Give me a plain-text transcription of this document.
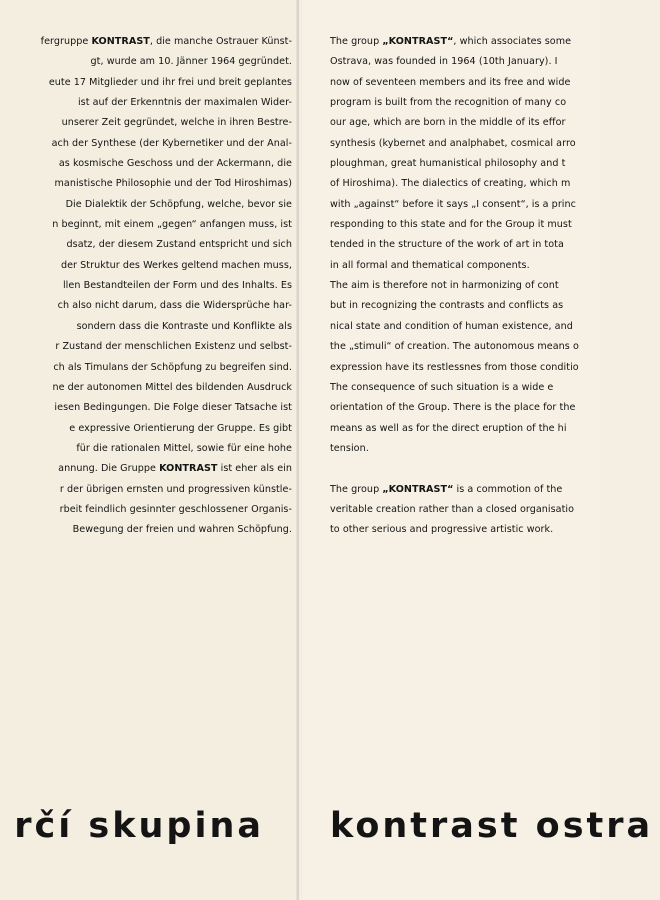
fergruppe KONTRAST, die manche Ostrauer Künst-
gt, wurde am 10. Jänner 1964 gegründet.
eute 17 Mitglieder und ihr frei und breit geplantes
ist auf der Erkenntnis der maximalen Wider-
unserer Zeit gegründet, welche in ihren Bestre-
ach der Synthese (der Kybernetiker und der Anal-
as kosmische Geschoss und der Ackermann, die
manistische Philosophie und der Tod Hiroshimas)
Die Dialektik der Schöpfung, welche, bevor sie
n beginnt, mit einem „gegen“ anfangen muss, ist
dsatz, der diesem Zustand entspricht und sich
der Struktur des Werkes geltend machen muss,
llen Bestandteilen der Form und des Inhalts. Es
ch also nicht darum, dass die Widersprüche har-
sondern dass die Kontraste und Konflikte als
r Zustand der menschlichen Existenz und selbst-
ch als Timulans der Schöpfung zu begreifen sind.
ne der autonomen Mittel des bildenden Ausdruck
iesen Bedingungen. Die Folge dieser Tatsache ist
e expressive Orientierung der Gruppe. Es gibt
für die rationalen Mittel, sowie für eine hohe
annung. Die Gruppe KONTRAST ist eher als ein
r der übrigen ernsten und progressiven künstle-
rbeit feindlich gesinnter geschlossener Organis-
Bewegung der freien und wahren Schöpfung.
rčí skupina
The group „KONTRAST“, which associates some
Ostrava, was founded in 1964 (10th January). I
now of seventeen members and its free and wide
program is built from the recognition of many co
our age, which are born in the middle of its effor
synthesis (kybernet and analphabet, cosmical arro
ploughman, great humanistical philosophy and t
of Hiroshima). The dialectics of creating, which m
with „against“ before it says „I consent“, is a princ
responding to this state and for the Group it must
tended in the structure of the work of art in tota
in all formal and thematical components.
The aim is therefore not in harmonizing of cont
but in recognizing the contrasts and conflicts as
nical state and condition of human existence, and
the „stimuli“ of creation. The autonomous means o
expression have its restlessnes from those conditio
The consequence of such situation is a wide e
orientation of the Group. There is the place for the
means as well as for the direct eruption of the hi
tension.
The group „KONTRAST“ is a commotion of the
veritable creation rather than a closed organisatio
to other serious and progressive artistic work.
kontrast ostra
